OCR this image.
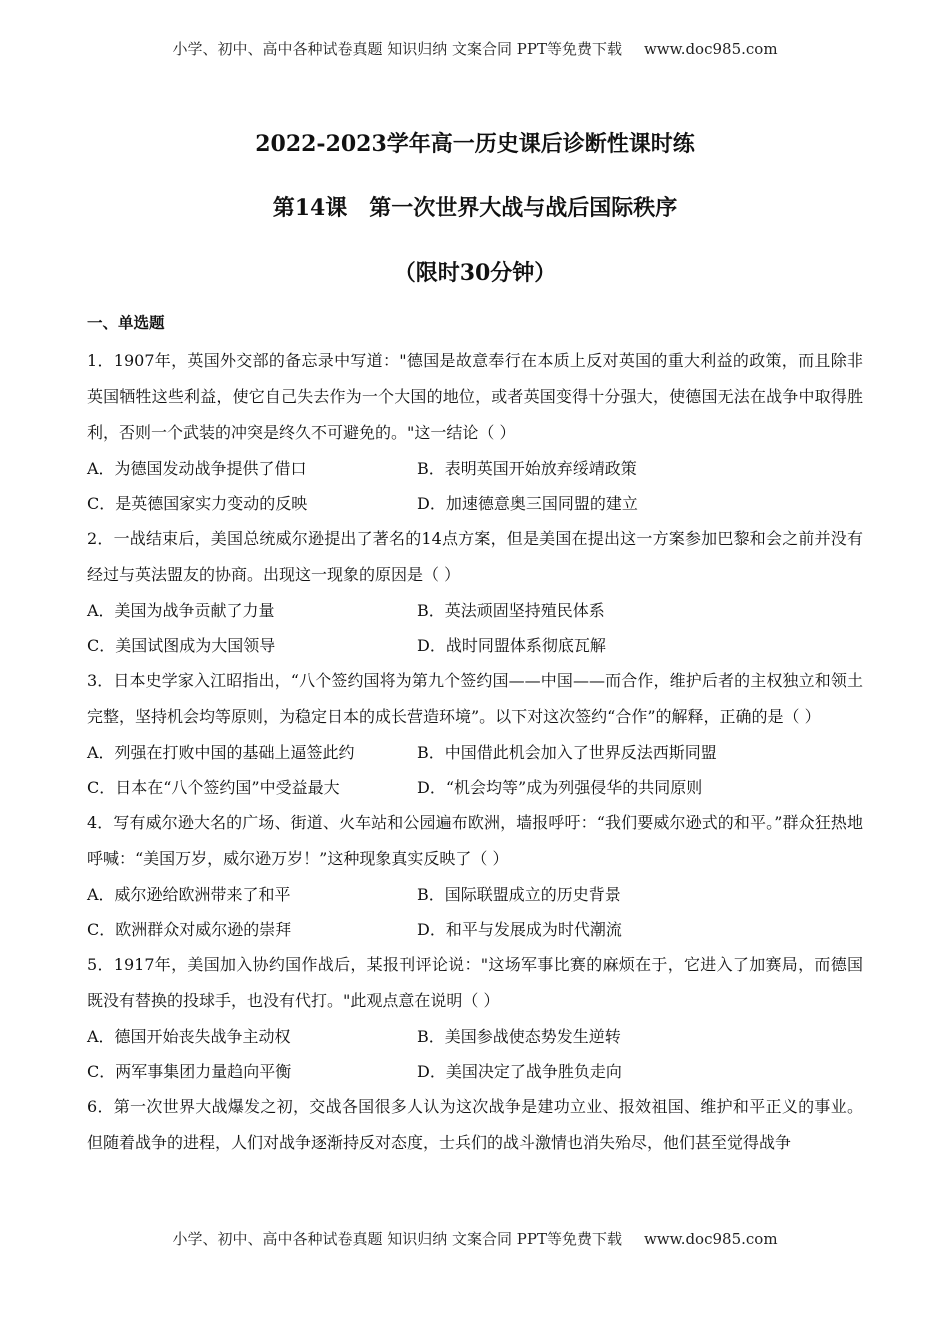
小学、初中、高中各种试卷真题 知识归纳 文案合同 PPT等免费下载 www.doc985.com
2022-2023学年高一历史课后诊断性课时练
第14课　第一次世界大战与战后国际秩序
（限时30分钟）
一、单选题

1．1907年，英国外交部的备忘录中写道："德国是故意奉行在本质上反对英国的重大利益的政策，而且除非英国牺牲这些利益，使它自己失去作为一个大国的地位，或者英国变得十分强大，使德国无法在战争中取得胜利，否则一个武装的冲突是终久不可避免的。"这一结论（ ）

A．为德国发动战争提供了借口	B．表明英国开始放弃绥靖政策
C．是英德国家实力变动的反映	D．加速德意奥三国同盟的建立

2．一战结束后，美国总统威尔逊提出了著名的14点方案，但是美国在提出这一方案参加巴黎和会之前并没有经过与英法盟友的协商。出现这一现象的原因是（ ）

A．美国为战争贡献了力量	B．英法顽固坚持殖民体系
C．美国试图成为大国领导	D．战时同盟体系彻底瓦解

3．日本史学家入江昭指出，“八个签约国将为第九个签约国——中国——而合作，维护后者的主权独立和领土完整，坚持机会均等原则，为稳定日本的成长营造环境”。以下对这次签约“合作”的解释，正确的是（ ）

A．列强在打败中国的基础上逼签此约	B．中国借此机会加入了世界反法西斯同盟
C．日本在“八个签约国”中受益最大	D．“机会均等”成为列强侵华的共同原则

4．写有威尔逊大名的广场、街道、火车站和公园遍布欧洲，墙报呼吁：“我们要威尔逊式的和平。”群众狂热地呼喊：“美国万岁，威尔逊万岁！”这种现象真实反映了（ ）

A．威尔逊给欧洲带来了和平	B．国际联盟成立的历史背景
C．欧洲群众对威尔逊的崇拜	D．和平与发展成为时代潮流

5．1917年，美国加入协约国作战后，某报刊评论说："这场军事比赛的麻烦在于，它进入了加赛局，而德国既没有替换的投球手，也没有代打。"此观点意在说明（ ）

A．德国开始丧失战争主动权	B．美国参战使态势发生逆转
C．两军事集团力量趋向平衡	D．美国决定了战争胜负走向

6．第一次世界大战爆发之初，交战各国很多人认为这次战争是建功立业、报效祖国、维护和平正义的事业。但随着战争的进程，人们对战争逐渐持反对态度，士兵们的战斗激情也消失殆尽，他们甚至觉得战争

小学、初中、高中各种试卷真题 知识归纳 文案合同 PPT等免费下载 www.doc985.com
